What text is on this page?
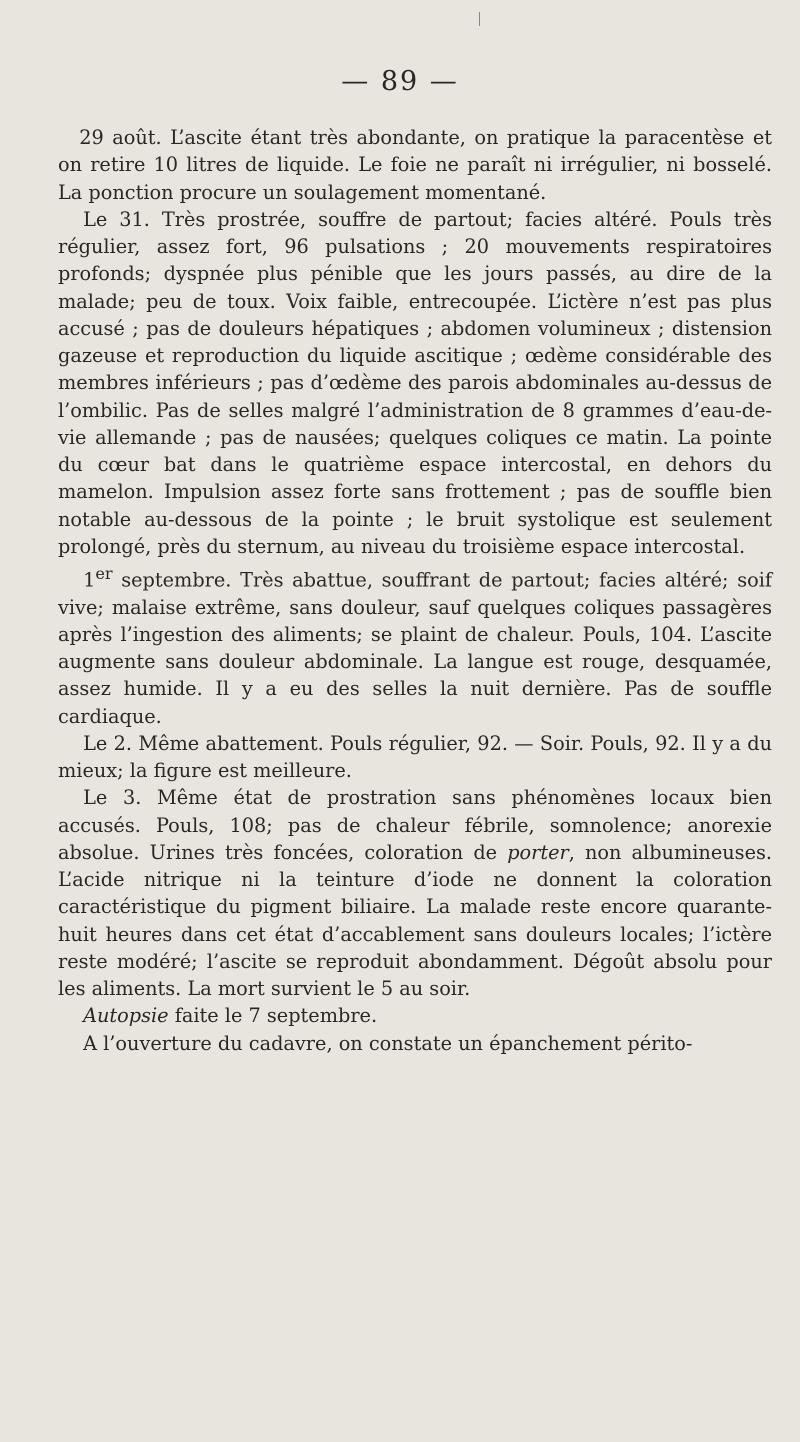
— 89 —

29 août. L’ascite étant très abondante, on pratique la paracentèse et on retire 10 litres de liquide. Le foie ne paraît ni irrégulier, ni bosselé. La ponction procure un soulagement momentané.

Le 31. Très prostrée, souffre de partout; facies altéré. Pouls très régulier, assez fort, 96 pulsations ; 20 mouvements respiratoires profonds; dyspnée plus pénible que les jours passés, au dire de la malade; peu de toux. Voix faible, entrecoupée. L’ictère n’est pas plus accusé ; pas de douleurs hépatiques ; abdomen volumineux ; distension gazeuse et reproduction du liquide ascitique ; œdème considérable des membres inférieurs ; pas d’œdème des parois abdominales au-dessus de l’ombilic. Pas de selles malgré l’administration de 8 grammes d’eau-de-vie allemande ; pas de nausées; quelques coliques ce matin. La pointe du cœur bat dans le quatrième espace intercostal, en dehors du mamelon. Impulsion assez forte sans frottement ; pas de souffle bien notable au-dessous de la pointe ; le bruit systolique est seulement prolongé, près du sternum, au niveau du troisième espace intercostal.

1er septembre. Très abattue, souffrant de partout; facies altéré; soif vive; malaise extrême, sans douleur, sauf quelques coliques passagères après l’ingestion des aliments; se plaint de chaleur. Pouls, 104. L’ascite augmente sans douleur abdominale. La langue est rouge, desquamée, assez humide. Il y a eu des selles la nuit dernière. Pas de souffle cardiaque.

Le 2. Même abattement. Pouls régulier, 92. — Soir. Pouls, 92. Il y a du mieux; la figure est meilleure.

Le 3. Même état de prostration sans phénomènes locaux bien accusés. Pouls, 108; pas de chaleur fébrile, somnolence; anorexie absolue. Urines très foncées, coloration de porter, non albumineuses. L’acide nitrique ni la teinture d’iode ne donnent la coloration caractéristique du pigment biliaire. La malade reste encore quarante-huit heures dans cet état d’accablement sans douleurs locales; l’ictère reste modéré; l’ascite se reproduit abondamment. Dégoût absolu pour les aliments. La mort survient le 5 au soir.

Autopsie faite le 7 septembre.

A l’ouverture du cadavre, on constate un épanchement périto-
